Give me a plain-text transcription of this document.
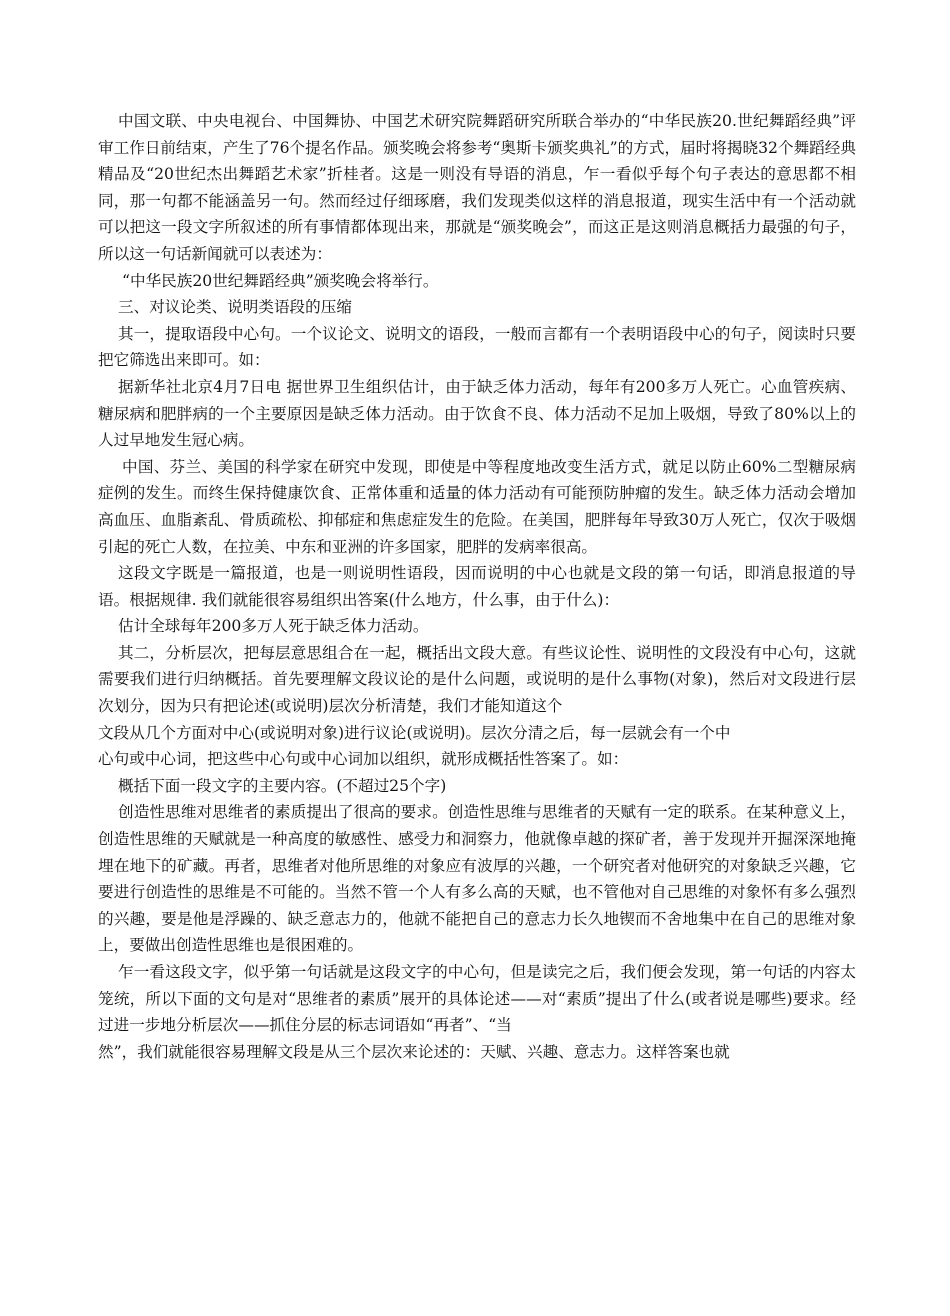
中国文联、中央电视台、中国舞协、中国艺术研究院舞蹈研究所联合举办的“中华民族20.世纪舞蹈经典”评审工作日前结束，产生了76个提名作品。颁奖晚会将参考“奥斯卡颁奖典礼”的方式，届时将揭晓32个舞蹈经典精品及“20世纪杰出舞蹈艺术家”折桂者。这是一则没有导语的消息，乍一看似乎每个句子表达的意思都不相同，那一句都不能涵盖另一句。然而经过仔细琢磨，我们发现类似这样的消息报道，现实生活中有一个活动就可以把这一段文字所叙述的所有事情都体现出来，那就是“颁奖晚会”，而这正是这则消息概括力最强的句子，所以这一句话新闻就可以表述为：

“中华民族20世纪舞蹈经典”颁奖晚会将举行。

三、对议论类、说明类语段的压缩

其一，提取语段中心句。一个议论文、说明文的语段，一般而言都有一个表明语段中心的句子，阅读时只要把它筛选出来即可。如：

据新华社北京4月7日电 据世界卫生组织估计，由于缺乏体力活动，每年有200多万人死亡。心血管疾病、糖尿病和肥胖病的一个主要原因是缺乏体力活动。由于饮食不良、体力活动不足加上吸烟，导致了80%以上的人过早地发生冠心病。

中国、芬兰、美国的科学家在研究中发现，即使是中等程度地改变生活方式，就足以防止60%二型糖尿病症例的发生。而终生保持健康饮食、正常体重和适量的体力活动有可能预防肿瘤的发生。缺乏体力活动会增加高血压、血脂紊乱、骨质疏松、抑郁症和焦虑症发生的危险。在美国，肥胖每年导致30万人死亡，仅次于吸烟引起的死亡人数，在拉美、中东和亚洲的许多国家，肥胖的发病率很高。

这段文字既是一篇报道，也是一则说明性语段，因而说明的中心也就是文段的第一句话，即消息报道的导语。根据规律. 我们就能很容易组织出答案(什么地方，什么事，由于什么)：

估计全球每年200多万人死于缺乏体力活动。

其二，分析层次，把每层意思组合在一起，概括出文段大意。有些议论性、说明性的文段没有中心句，这就需要我们进行归纳概括。首先要理解文段议论的是什么问题，或说明的是什么事物(对象)，然后对文段进行层次划分，因为只有把论述(或说明)层次分析清楚，我们才能知道这个

文段从几个方面对中心(或说明对象)进行议论(或说明)。层次分清之后，每一层就会有一个中

心句或中心词，把这些中心句或中心词加以组织，就形成概括性答案了。如：

概括下面一段文字的主要内容。(不超过25个字)

创造性思维对思维者的素质提出了很高的要求。创造性思维与思维者的天赋有一定的联系。在某种意义上，创造性思维的天赋就是一种高度的敏感性、感受力和洞察力，他就像卓越的探矿者，善于发现并开掘深深地掩埋在地下的矿藏。再者，思维者对他所思维的对象应有波厚的兴趣，一个研究者对他研究的对象缺乏兴趣，它要进行创造性的思维是不可能的。当然不管一个人有多么高的天赋，也不管他对自己思维的对象怀有多么强烈的兴趣，要是他是浮躁的、缺乏意志力的，他就不能把自己的意志力长久地锲而不舍地集中在自己的思维对象上，要做出创造性思维也是很困难的。

乍一看这段文字，似乎第一句话就是这段文字的中心句，但是读完之后，我们便会发现，第一句话的内容太笼统，所以下面的文句是对“思维者的素质”展开的具体论述——对“素质”提出了什么(或者说是哪些)要求。经过进一步地分析层次——抓住分层的标志词语如“再者”、“当

然”，我们就能很容易理解文段是从三个层次来论述的：天赋、兴趣、意志力。这样答案也就
